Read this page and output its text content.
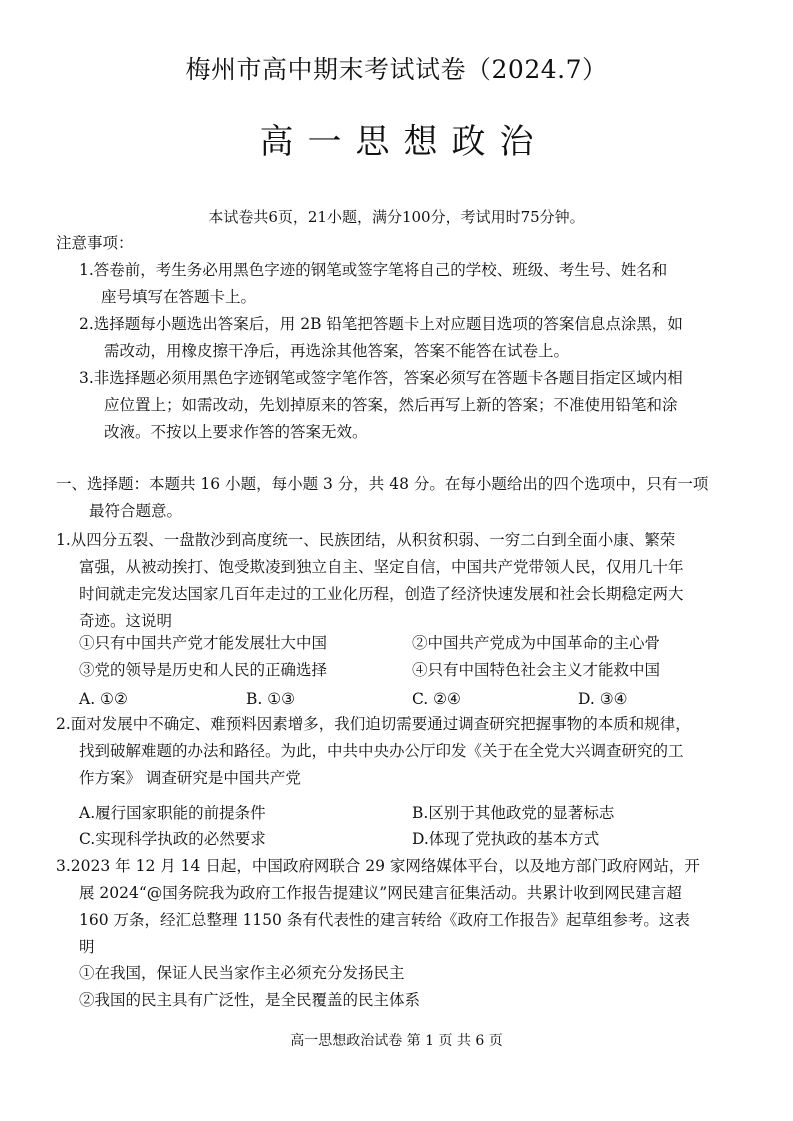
梅州市高中期末考试试卷（2024.7）
高一思想政治
本试卷共6页，21小题，满分100分，考试用时75分钟。
注意事项：
1.答卷前，考生务必用黑色字迹的钢笔或签字笔将自己的学校、班级、考生号、姓名和
座号填写在答题卡上。
2.选择题每小题选出答案后，用 2B 铅笔把答题卡上对应题目选项的答案信息点涂黑，如
需改动，用橡皮擦干净后，再选涂其他答案，答案不能答在试卷上。
3.非选择题必须用黑色字迹钢笔或签字笔作答，答案必须写在答题卡各题目指定区域内相
应位置上；如需改动，先划掉原来的答案，然后再写上新的答案；不准使用铅笔和涂
改液。不按以上要求作答的答案无效。
一、选择题：本题共 16 小题，每小题 3 分，共 48 分。在每小题给出的四个选项中，只有一项
最符合题意。
1.从四分五裂、一盘散沙到高度统一、民族团结，从积贫积弱、一穷二白到全面小康、繁荣
富强，从被动挨打、饱受欺凌到独立自主、坚定自信，中国共产党带领人民，仅用几十年
时间就走完发达国家几百年走过的工业化历程，创造了经济快速发展和社会长期稳定两大
奇迹。这说明
①只有中国共产党才能发展壮大中国	②中国共产党成为中国革命的主心骨
③党的领导是历史和人民的正确选择	④只有中国特色社会主义才能救中国
A. ①②	B. ①③	C. ②④	D. ③④
2.面对发展中不确定、难预料因素增多，我们迫切需要通过调查研究把握事物的本质和规律，
找到破解难题的办法和路径。为此，中共中央办公厅印发《关于在全党大兴调查研究的工
作方案》 调查研究是中国共产党
A.履行国家职能的前提条件	B.区别于其他政党的显著标志
C.实现科学执政的必然要求	D.体现了党执政的基本方式
3.2023 年 12 月 14 日起，中国政府网联合 29 家网络媒体平台，以及地方部门政府网站，开
展 2024“@国务院我为政府工作报告提建议”网民建言征集活动。共累计收到网民建言超
160 万条，经汇总整理 1150 条有代表性的建言转给《政府工作报告》起草组参考。这表
明
①在我国，保证人民当家作主必须充分发扬民主
②我国的民主具有广泛性，是全民覆盖的民主体系
高一思想政治试卷 第 1 页 共 6 页
